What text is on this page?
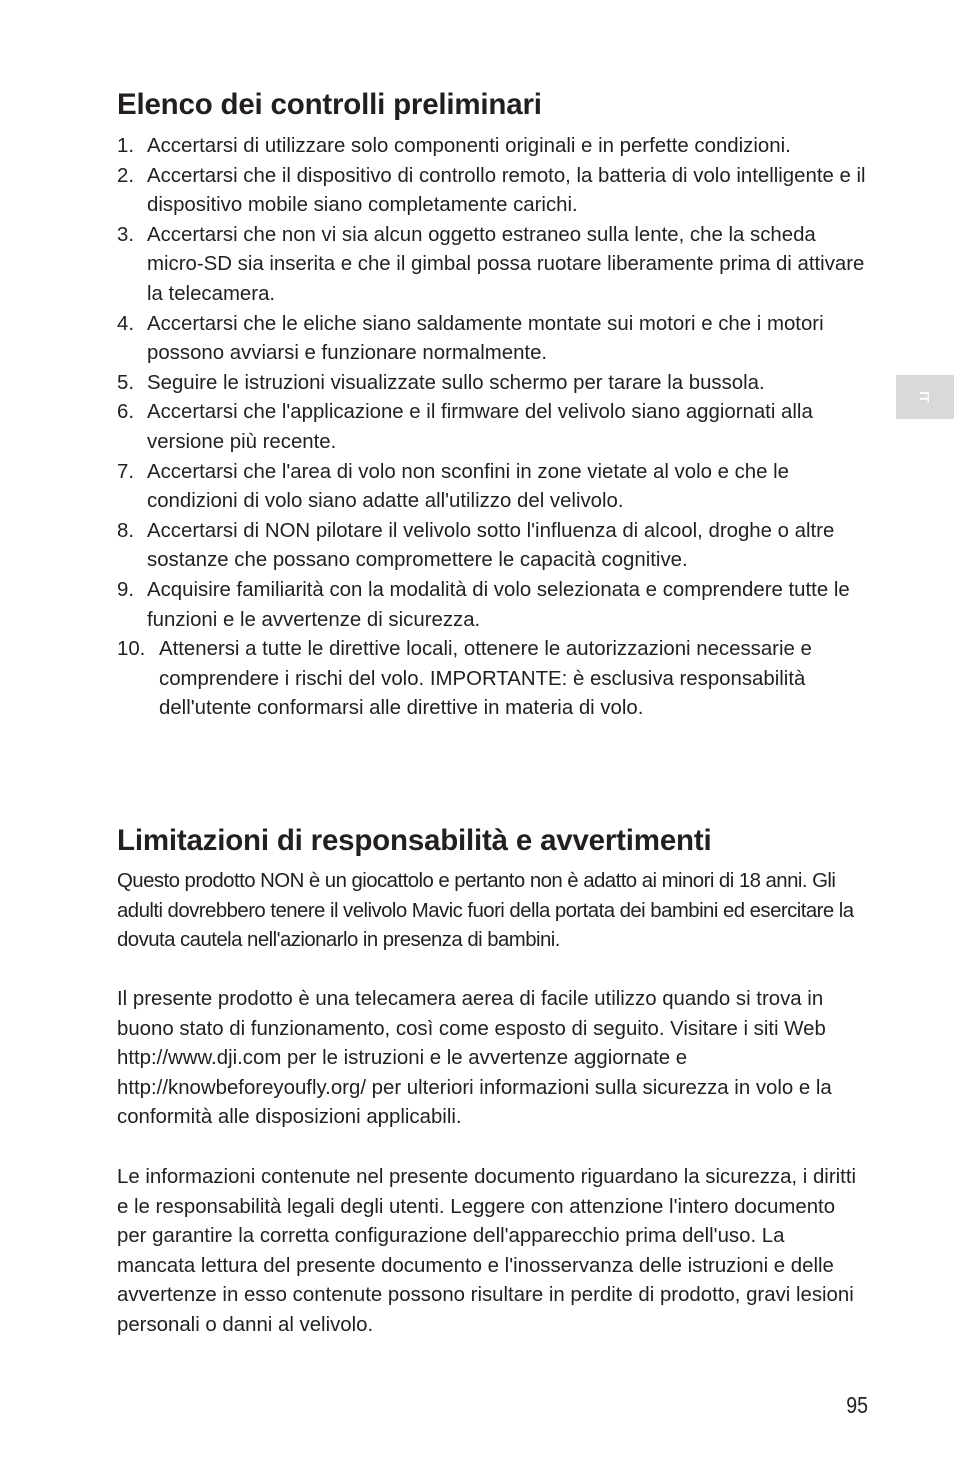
Elenco dei controlli preliminari
1. Accertarsi di utilizzare solo componenti originali e in perfette condizioni.
2. Accertarsi che il dispositivo di controllo remoto, la batteria di volo intelligente e il dispositivo mobile siano completamente carichi.
3. Accertarsi che non vi sia alcun oggetto estraneo sulla lente, che la scheda micro-SD sia inserita e che il gimbal possa ruotare liberamente prima di attivare la telecamera.
4. Accertarsi che le eliche siano saldamente montate sui motori e che i motori possono avviarsi e funzionare normalmente.
5. Seguire le istruzioni visualizzate sullo schermo per tarare la bussola.
6. Accertarsi che l'applicazione e il firmware del velivolo siano aggiornati alla versione più recente.
7. Accertarsi che l'area di volo non sconfini in zone vietate al volo e che le condizioni di volo siano adatte all'utilizzo del velivolo.
8. Accertarsi di NON pilotare il velivolo sotto l'influenza di alcool, droghe o altre sostanze che possano compromettere le capacità cognitive.
9. Acquisire familiarità con la modalità di volo selezionata e comprendere tutte le funzioni e le avvertenze di sicurezza.
10. Attenersi a tutte le direttive locali, ottenere le autorizzazioni necessarie e comprendere i rischi del volo. IMPORTANTE: è esclusiva responsabilità dell'utente conformarsi alle direttive in materia di volo.
Limitazioni di responsabilità e avvertimenti

Questo prodotto NON è un giocattolo e pertanto non è adatto ai minori di 18 anni. Gli adulti dovrebbero tenere il velivolo Mavic fuori della portata dei bambini ed esercitare la dovuta cautela nell'azionarlo in presenza di bambini.

Il presente prodotto è una telecamera aerea di facile utilizzo quando si trova in buono stato di funzionamento, così come esposto di seguito. Visitare i siti Web http://www.dji.com per le istruzioni e le avvertenze aggiornate e http://knowbeforeyoufly.org/ per ulteriori informazioni sulla sicurezza in volo e la conformità alle disposizioni applicabili.

Le informazioni contenute nel presente documento riguardano la sicurezza, i diritti e le responsabilità legali degli utenti. Leggere con attenzione l'intero documento per garantire la corretta configurazione dell'apparecchio prima dell'uso. La mancata lettura del presente documento e l'inosservanza delle istruzioni e delle avvertenze in esso contenute possono risultare in perdite di prodotto, gravi lesioni personali o danni al velivolo.

IT
95
